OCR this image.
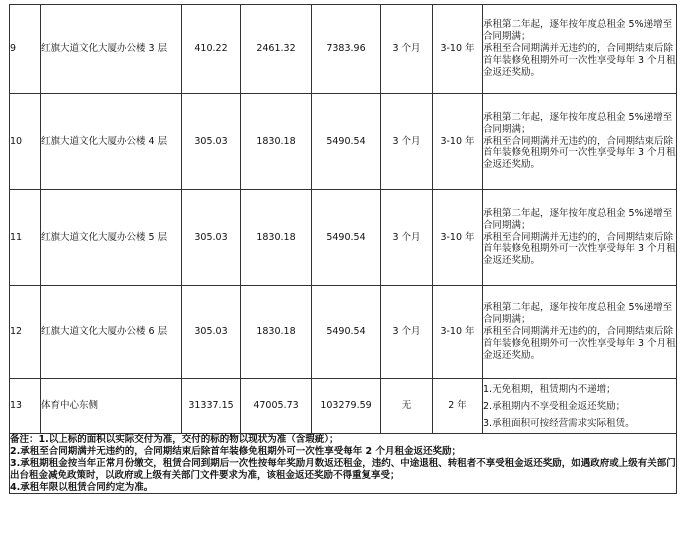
9	红旗大道文化大厦办公楼 3 层	410.22	2461.32	7383.96	3 个月	3-10 年	承租第二年起，逐年按年度总租金 5%递增至合同期满；
承租至合同期满并无违约的，合同期结束后除首年装修免租期外可一次性享受每年 3 个月租金返还奖励。

10	红旗大道文化大厦办公楼 4 层	305.03	1830.18	5490.54	3 个月	3-10 年	承租第二年起，逐年按年度总租金 5%递增至合同期满；
承租至合同期满并无违约的，合同期结束后除首年装修免租期外可一次性享受每年 3 个月租金返还奖励。

11	红旗大道文化大厦办公楼 5 层	305.03	1830.18	5490.54	3 个月	3-10 年	承租第二年起，逐年按年度总租金 5%递增至合同期满；
承租至合同期满并无违约的，合同期结束后除首年装修免租期外可一次性享受每年 3 个月租金返还奖励。

12	红旗大道文化大厦办公楼 6 层	305.03	1830.18	5490.54	3 个月	3-10 年	承租第二年起，逐年按年度总租金 5%递增至合同期满；
承租至合同期满并无违约的，合同期结束后除首年装修免租期外可一次性享受每年 3 个月租金返还奖励。

13	体育中心东侧	31337.15	47005.73	103279.59	无	2 年	1.无免租期，租赁期内不递增；
2.承租期内不享受租金返还奖励；
3.承租面积可按经营需求实际租赁。

备注：1.以上标的面积以实际交付为准，交付的标的物以现状为准（含瑕疵）；
2.承租至合同期满并无违约的，合同期结束后除首年装修免租期外可一次性享受每年 2 个月租金返还奖励；
3.承租期租金按当年正常月份缴交，租赁合同到期后一次性按每年奖励月数返还租金，违约、中途退租、转租者不享受租金返还奖励，如遇政府或上级有关部门出台租金减免政策时，以政府或上级有关部门文件要求为准，该租金返还奖励不得重复享受；
4.承租年限以租赁合同约定为准。							
